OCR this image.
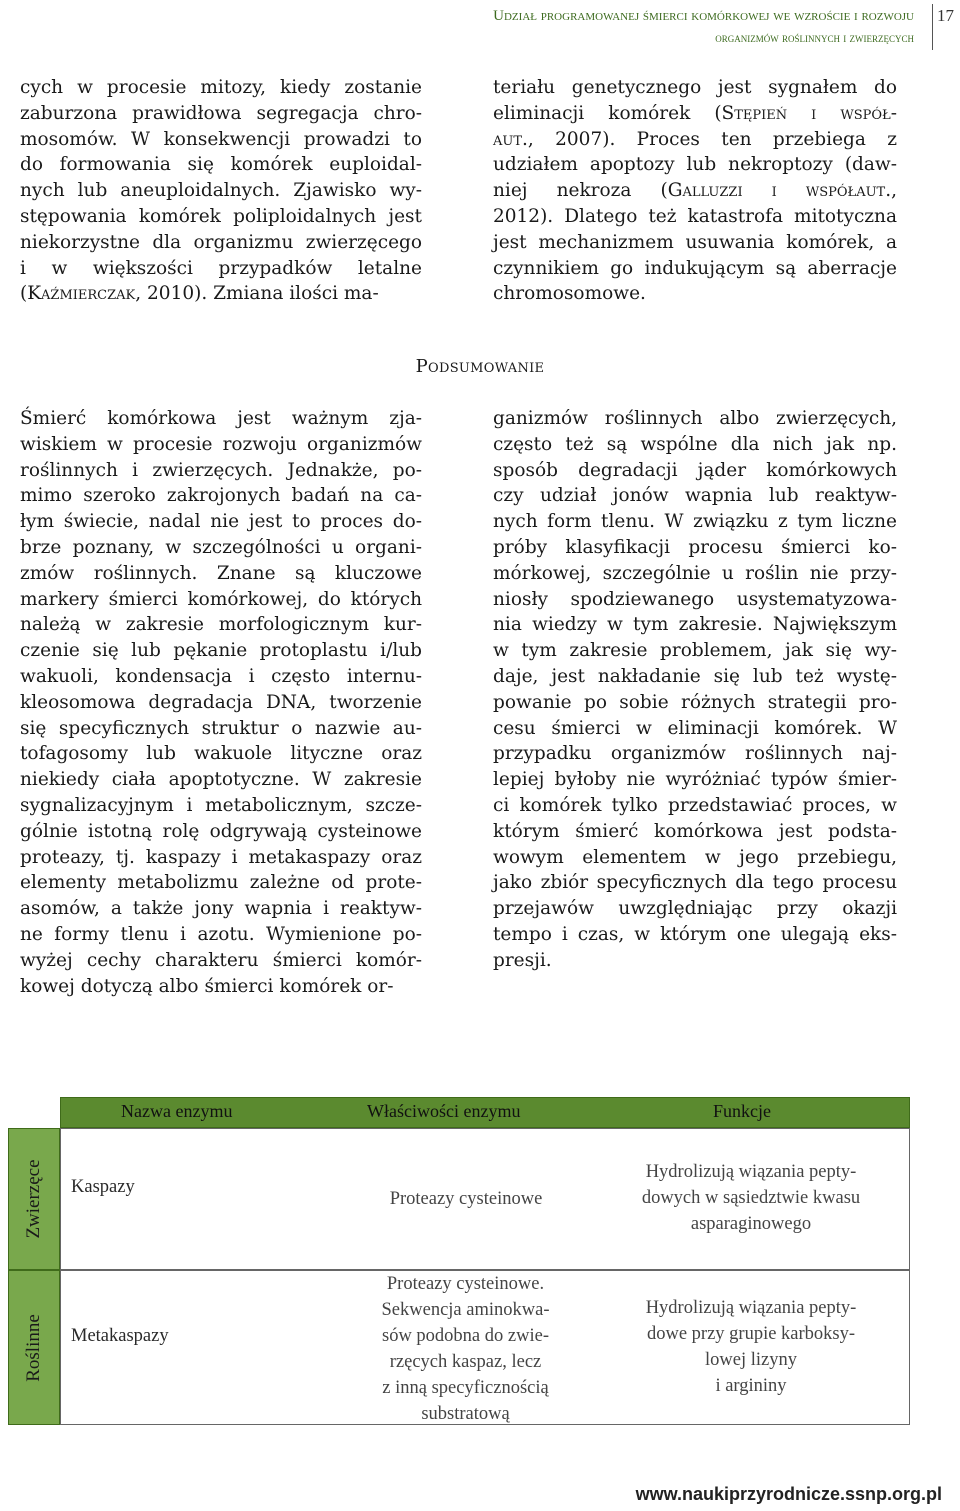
Udział programowanej śmierci komórkowej we wzroście i rozwoju
organizmów roślinnych i zwierzęcych
17
cych w procesie mitozy, kiedy zostanie
zaburzona prawidłowa segregacja chro-
mosomów. W konsekwencji prowadzi to
do formowania się komórek euploidal-
nych lub aneuploidalnych. Zjawisko wy-
stępowania komórek poliploidalnych jest
niekorzystne dla organizmu zwierzęcego
i w większości przypadków letalne
(Kaźmierczak, 2010). Zmiana ilości ma-
teriału genetycznego jest sygnałem do
eliminacji komórek (Stępień i współ-
aut., 2007). Proces ten przebiega z
udziałem apoptozy lub nekroptozy (daw-
niej nekroza (Galluzzi i współaut.,
2012). Dlatego też katastrofa mitotyczna
jest mechanizmem usuwania komórek, a
czynnikiem go indukującym są aberracje
chromosomowe.
Podsumowanie
Śmierć komórkowa jest ważnym zja-
wiskiem w procesie rozwoju organizmów
roślinnych i zwierzęcych. Jednakże, po-
mimo szeroko zakrojonych badań na ca-
łym świecie, nadal nie jest to proces do-
brze poznany, w szczególności u organi-
zmów roślinnych. Znane są kluczowe
markery śmierci komórkowej, do których
należą w zakresie morfologicznym kur-
czenie się lub pękanie protoplastu i/lub
wakuoli, kondensacja i często internu-
kleosomowa degradacja DNA, tworzenie
się specyficznych struktur o nazwie au-
tofagosomy lub wakuole lityczne oraz
niekiedy ciała apoptotyczne. W zakresie
sygnalizacyjnym i metabolicznym, szcze-
gólnie istotną rolę odgrywają cysteinowe
proteazy, tj. kaspazy i metakaspazy oraz
elementy metabolizmu zależne od prote-
asomów, a także jony wapnia i reaktyw-
ne formy tlenu i azotu. Wymienione po-
wyżej cechy charakteru śmierci komór-
kowej dotyczą albo śmierci komórek or-
ganizmów roślinnych albo zwierzęcych,
często też są wspólne dla nich jak np.
sposób degradacji jąder komórkowych
czy udział jonów wapnia lub reaktyw-
nych form tlenu. W związku z tym liczne
próby klasyfikacji procesu śmierci ko-
mórkowej, szczególnie u roślin nie przy-
niosły spodziewanego usystematyzowa-
nia wiedzy w tym zakresie. Największym
w tym zakresie problemem, jak się wy-
daje, jest nakładanie się lub też wystę-
powanie po sobie różnych strategii pro-
cesu śmierci w eliminacji komórek. W
przypadku organizmów roślinnych naj-
lepiej byłoby nie wyróżniać typów śmier-
ci komórek tylko przedstawiać proces, w
którym śmierć komórkowa jest podsta-
wowym elementem w jego przebiegu,
jako zbiór specyficznych dla tego procesu
przejawów uwzględniając przy okazji
tempo i czas, w którym one ulegają eks-
presji.
Nazwa enzymu	Właściwości enzymu	Funkcje
Zwierzęce Kaspazy
Proteazy cysteinowe
Hydrolizują wiązania pepty-
dowych w sąsiedztwie kwasu
asparaginowego
Roślinne Metakaspazy
Proteazy cysteinowe.
Sekwencja aminokwa-
sów podobna do zwie-
rzęcych kaspaz, lecz
z inną specyficznością
substratową
Hydrolizują wiązania pepty-
dowe przy grupie karboksy-
lowej lizyny
i argininy
www.naukiprzyrodnicze.ssnp.org.pl
